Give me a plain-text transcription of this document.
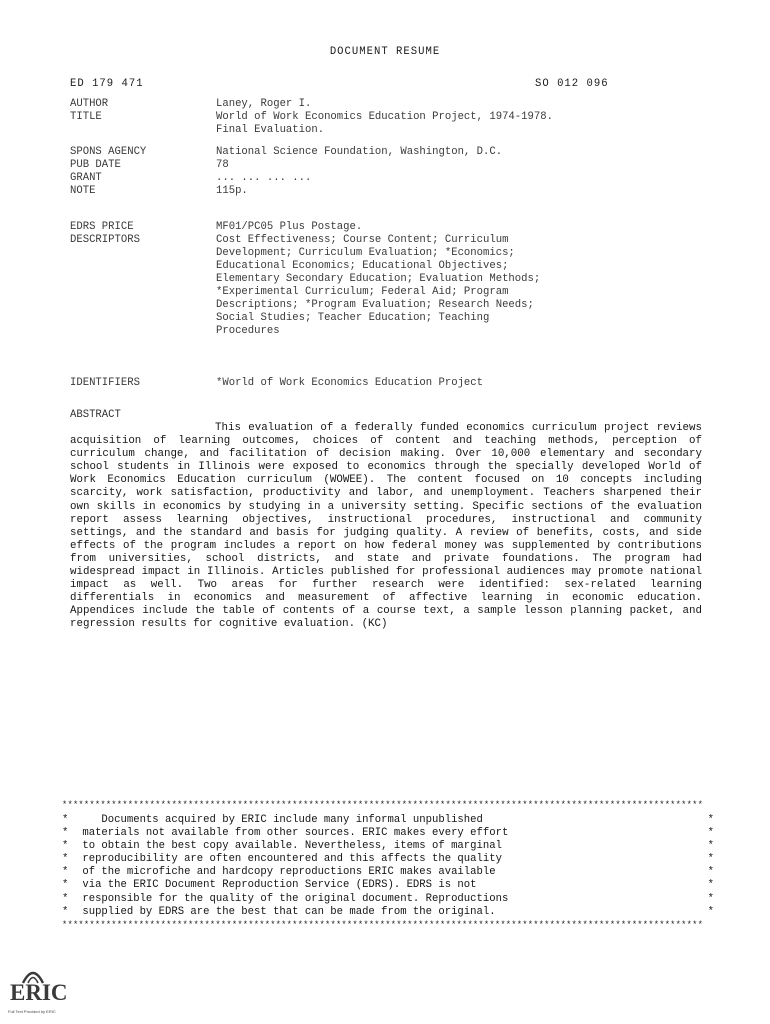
DOCUMENT RESUME
ED 179 471	SO 012 096
AUTHOR	Laney, Roger I.
TITLE	World of Work Economics Education Project, 1974-1978.
Final Evaluation.
SPONS AGENCY	National Science Foundation, Washington, D.C.
PUB DATE	78
GRANT	... ... ... ...
NOTE	115p.
EDRS PRICE	MF01/PC05 Plus Postage.
DESCRIPTORS	Cost Effectiveness; Course Content; Curriculum
Development; Curriculum Evaluation; *Economics;
Educational Economics; Educational Objectives;
Elementary Secondary Education; Evaluation Methods;
*Experimental Curriculum; Federal Aid; Program
Descriptions; *Program Evaluation; Research Needs;
Social Studies; Teacher Education; Teaching
Procedures
IDENTIFIERS	*World of Work Economics Education Project
ABSTRACT
This evaluation of a federally funded economics curriculum project reviews acquisition of learning outcomes, choices of content and teaching methods, perception of curriculum change, and facilitation of decision making. Over 10,000 elementary and secondary school students in Illinois were exposed to economics through the specially developed World of Work Economics Education curriculum (WOWEE). The content focused on 10 concepts including scarcity, work satisfaction, productivity and labor, and unemployment. Teachers sharpened their own skills in economics by studying in a university setting. Specific sections of the evaluation report assess learning objectives, instructional procedures, instructional and community settings, and the standard and basis for judging quality. A review of benefits, costs, and side effects of the program includes a report on how federal money was supplemented by contributions from universities, school districts, and state and private foundations. The program had widespread impact in Illinois. Articles published for professional audiences may promote national impact as well. Two areas for further research were identified: sex-related learning differentials in economics and measurement of affective learning in economic education. Appendices include the table of contents of a course text, a sample lesson planning packet, and regression results for cognitive evaluation. (KC)
*********************************************************************************************************************
* Documents acquired by ERIC include many informal unpublished	*
* materials not available from other sources. ERIC makes every effort	*
* to obtain the best copy available. Nevertheless, items of marginal	*
* reproducibility are often encountered and this affects the quality	*
* of the microfiche and hardcopy reproductions ERIC makes available	*
* via the ERIC Document Reproduction Service (EDRS). EDRS is not	*
* responsible for the quality of the original document. Reproductions	*
* supplied by EDRS are the best that can be made from the original.	*
*********************************************************************************************************************
ERIC
Full Text Provided by ERIC
